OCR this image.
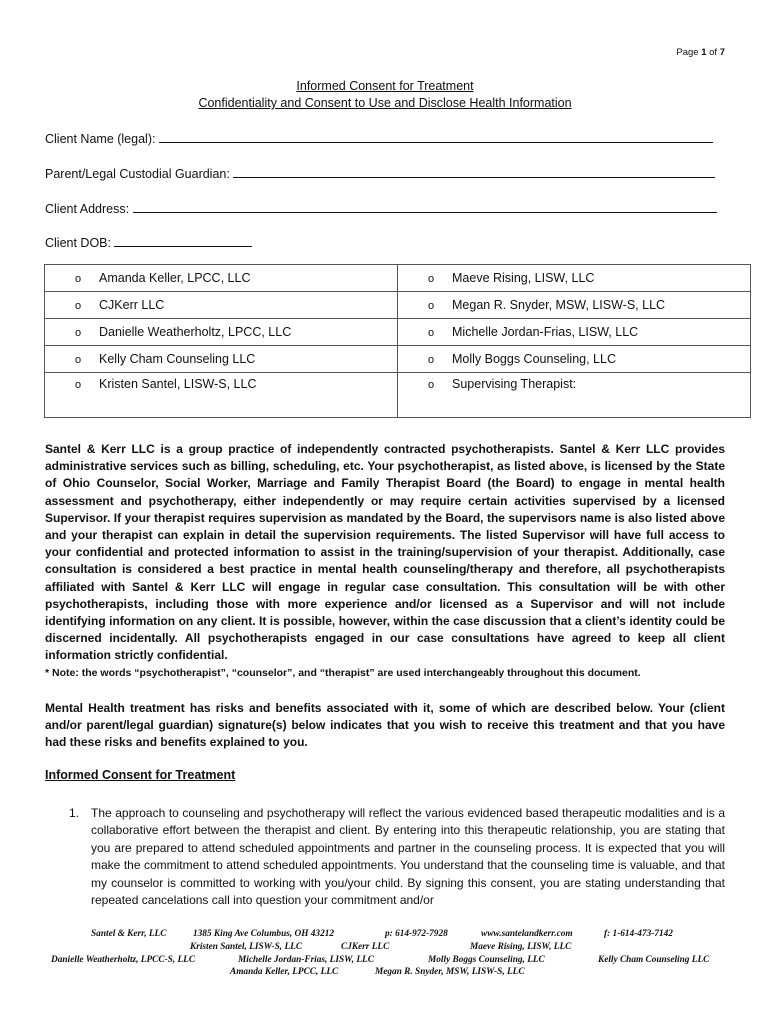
Page 1 of 7
Informed Consent for Treatment
Confidentiality and Consent to Use and Disclose Health Information
Client Name (legal):
Parent/Legal Custodial Guardian:
Client Address:
Client DOB:
o Amanda Keller, LPCC, LLC	o Maeve Rising, LISW, LLC
o CJKerr LLC	o Megan R. Snyder, MSW, LISW-S, LLC
o Danielle Weatherholtz, LPCC, LLC	o Michelle Jordan-Frias, LISW, LLC
o Kelly Cham Counseling LLC	o Molly Boggs Counseling, LLC
o Kristen Santel, LISW-S, LLC	o Supervising Therapist:
Santel & Kerr LLC is a group practice of independently contracted psychotherapists. Santel & Kerr LLC provides administrative services such as billing, scheduling, etc. Your psychotherapist, as listed above, is licensed by the State of Ohio Counselor, Social Worker, Marriage and Family Therapist Board (the Board) to engage in mental health assessment and psychotherapy, either independently or may require certain activities supervised by a licensed Supervisor. If your therapist requires supervision as mandated by the Board, the supervisors name is also listed above and your therapist can explain in detail the supervision requirements. The listed Supervisor will have full access to your confidential and protected information to assist in the training/supervision of your therapist. Additionally, case consultation is considered a best practice in mental health counseling/therapy and therefore, all psychotherapists affiliated with Santel & Kerr LLC will engage in regular case consultation. This consultation will be with other psychotherapists, including those with more experience and/or licensed as a Supervisor and will not include identifying information on any client. It is possible, however, within the case discussion that a client’s identity could be discerned incidentally. All psychotherapists engaged in our case consultations have agreed to keep all client information strictly confidential.
* Note: the words “psychotherapist”, “counselor”, and “therapist” are used interchangeably throughout this document.
Mental Health treatment has risks and benefits associated with it, some of which are described below. Your (client and/or parent/legal guardian) signature(s) below indicates that you wish to receive this treatment and that you have had these risks and benefits explained to you.
Informed Consent for Treatment
1. The approach to counseling and psychotherapy will reflect the various evidenced based therapeutic modalities and is a collaborative effort between the therapist and client. By entering into this therapeutic relationship, you are stating that you are prepared to attend scheduled appointments and partner in the counseling process. It is expected that you will make the commitment to attend scheduled appointments. You understand that the counseling time is valuable, and that my counselor is committed to working with you/your child. By signing this consent, you are stating understanding that repeated cancelations call into question your commitment and/or
Santel & Kerr, LLC	1385 King Ave Columbus, OH 43212	p: 614-972-7928	www.santelandkerr.com	f: 1-614-473-7142
Kristen Santel, LISW-S, LLC	CJKerr LLC	Maeve Rising, LISW, LLC
Danielle Weatherholtz, LPCC-S, LLC	Michelle Jordan-Frias, LISW, LLC	Molly Boggs Counseling, LLC	Kelly Cham Counseling LLC
Amanda Keller, LPCC, LLC	Megan R. Snyder, MSW, LISW-S, LLC
